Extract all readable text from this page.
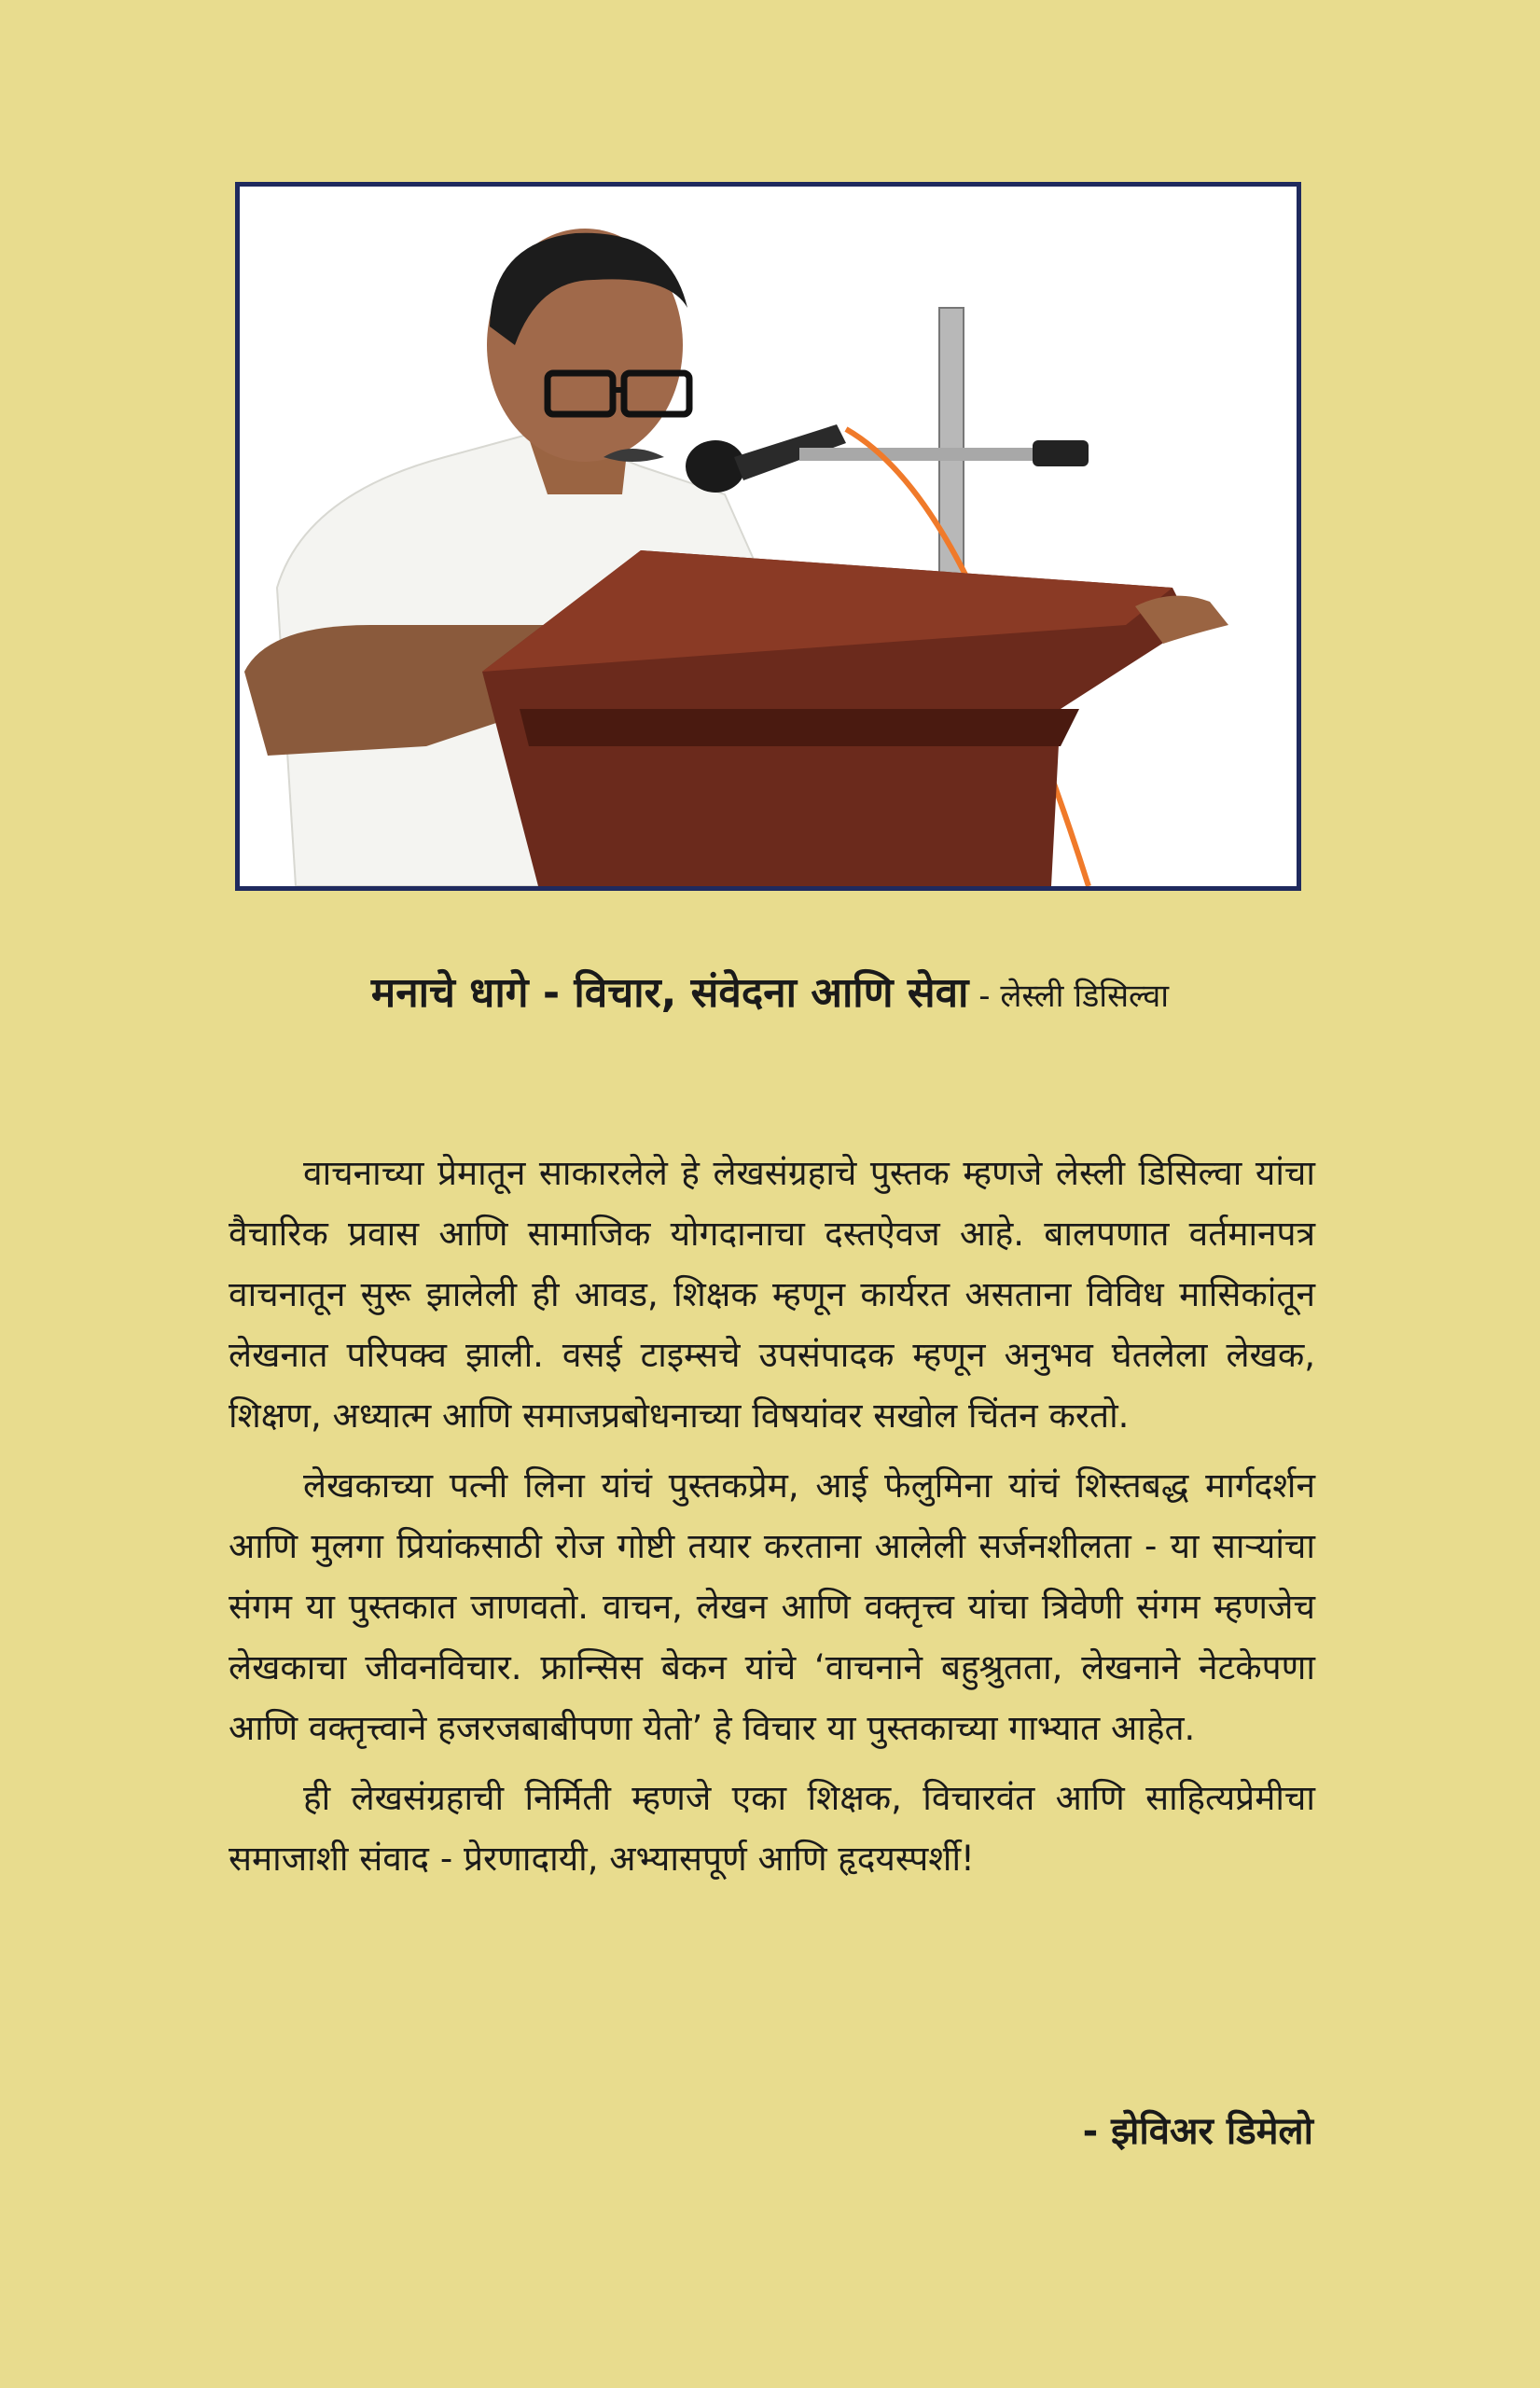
मनाचे धागे - विचार, संवेदना आणि सेवा - लेस्ली डिसिल्वा

वाचनाच्या प्रेमातून साकारलेले हे लेखसंग्रहाचे पुस्तक म्हणजे लेस्ली डिसिल्वा यांचा वैचारिक प्रवास आणि सामाजिक योगदानाचा दस्तऐवज आहे. बालपणात वर्तमानपत्र वाचनातून सुरू झालेली ही आवड, शिक्षक म्हणून कार्यरत असताना विविध मासिकांतून लेखनात परिपक्व झाली. वसई टाइम्सचे उपसंपादक म्हणून अनुभव घेतलेला लेखक, शिक्षण, अध्यात्म आणि समाजप्रबोधनाच्या विषयांवर सखोल चिंतन करतो.

लेखकाच्या पत्नी लिना यांचं पुस्तकप्रेम, आई फेलुमिना यांचं शिस्तबद्ध मार्गदर्शन आणि मुलगा प्रियांकसाठी रोज गोष्टी तयार करताना आलेली सर्जनशीलता - या साऱ्यांचा संगम या पुस्तकात जाणवतो. वाचन, लेखन आणि वक्तृत्त्व यांचा त्रिवेणी संगम म्हणजेच लेखकाचा जीवनविचार. फ्रान्सिस बेकन यांचे ‘वाचनाने बहुश्रुतता, लेखनाने नेटकेपणा आणि वक्तृत्त्वाने हजरजबाबीपणा येतो’ हे विचार या पुस्तकाच्या गाभ्यात आहेत.

ही लेखसंग्रहाची निर्मिती म्हणजे एका शिक्षक, विचारवंत आणि साहित्यप्रेमीचा समाजाशी संवाद - प्रेरणादायी, अभ्यासपूर्ण आणि हृदयस्पर्शी!

- झेविअर डिमेलो
